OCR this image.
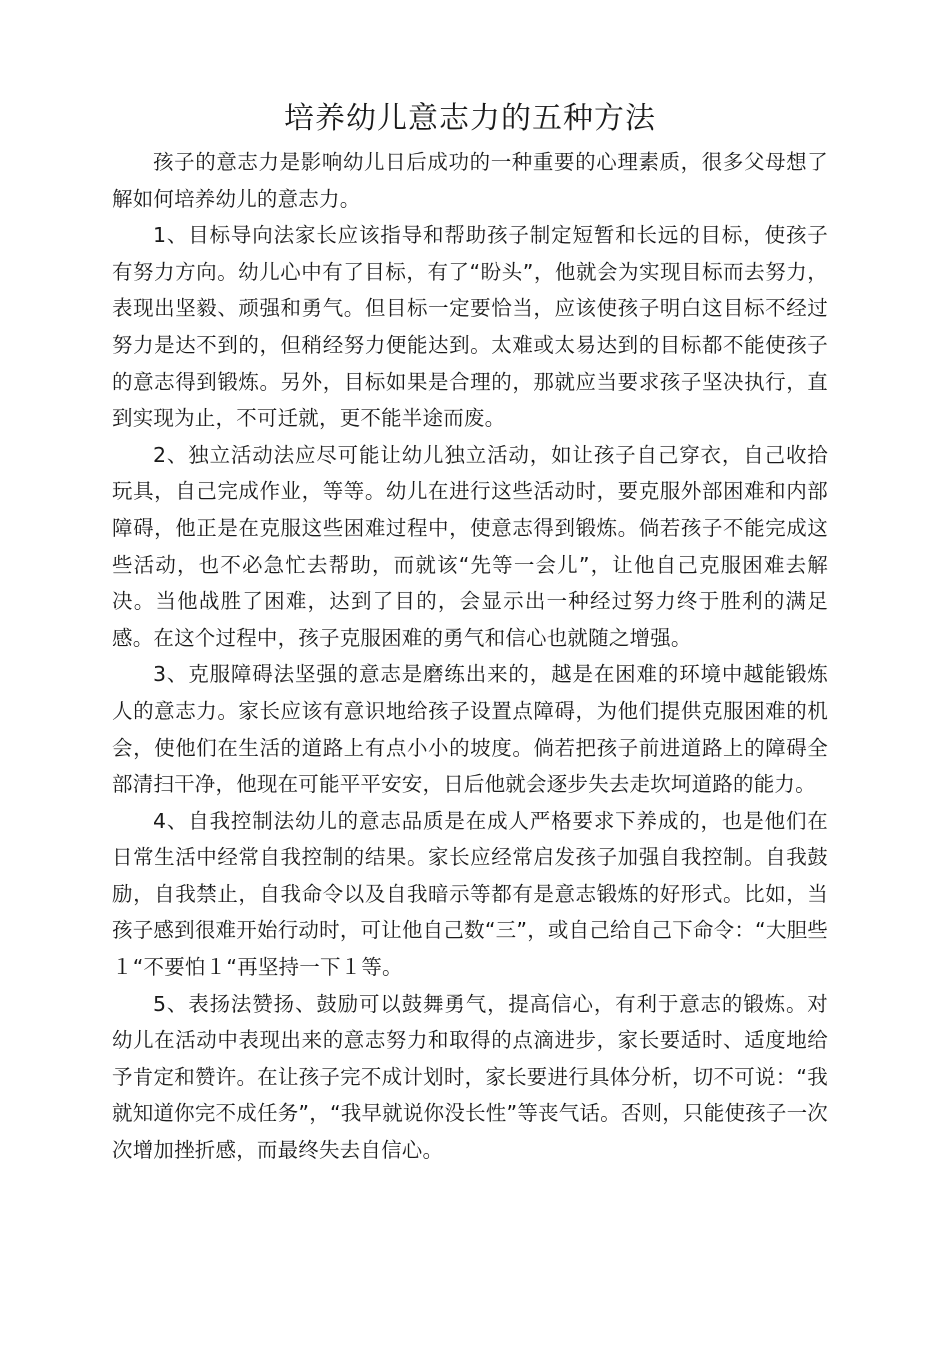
培养幼儿意志力的五种方法

孩子的意志力是影响幼儿日后成功的一种重要的心理素质，很多父母想了解如何培养幼儿的意志力。

1、目标导向法家长应该指导和帮助孩子制定短暂和长远的目标，使孩子有努力方向。幼儿心中有了目标，有了“盼头”，他就会为实现目标而去努力，表现出坚毅、顽强和勇气。但目标一定要恰当，应该使孩子明白这目标不经过努力是达不到的，但稍经努力便能达到。太难或太易达到的目标都不能使孩子的意志得到锻炼。另外，目标如果是合理的，那就应当要求孩子坚决执行，直到实现为止，不可迁就，更不能半途而废。

2、独立活动法应尽可能让幼儿独立活动，如让孩子自己穿衣，自己收拾玩具，自己完成作业，等等。幼儿在进行这些活动时，要克服外部困难和内部障碍，他正是在克服这些困难过程中，使意志得到锻炼。倘若孩子不能完成这些活动，也不必急忙去帮助，而就该“先等一会儿”，让他自己克服困难去解决。当他战胜了困难，达到了目的，会显示出一种经过努力终于胜利的满足感。在这个过程中，孩子克服困难的勇气和信心也就随之增强。

3、克服障碍法坚强的意志是磨练出来的，越是在困难的环境中越能锻炼人的意志力。家长应该有意识地给孩子设置点障碍，为他们提供克服困难的机会，使他们在生活的道路上有点小小的坡度。倘若把孩子前进道路上的障碍全部清扫干净，他现在可能平平安安，日后他就会逐步失去走坎坷道路的能力。

4、自我控制法幼儿的意志品质是在成人严格要求下养成的，也是他们在日常生活中经常自我控制的结果。家长应经常启发孩子加强自我控制。自我鼓励，自我禁止，自我命令以及自我暗示等都有是意志锻炼的好形式。比如，当孩子感到很难开始行动时，可让他自己数“三”，或自己给自己下命令：“大胆些１“不要怕１“再坚持一下１等。

5、表扬法赞扬、鼓励可以鼓舞勇气，提高信心，有利于意志的锻炼。对幼儿在活动中表现出来的意志努力和取得的点滴进步，家长要适时、适度地给予肯定和赞许。在让孩子完不成计划时，家长要进行具体分析，切不可说：“我就知道你完不成任务”，“我早就说你没长性”等丧气话。否则，只能使孩子一次次增加挫折感，而最终失去自信心。
